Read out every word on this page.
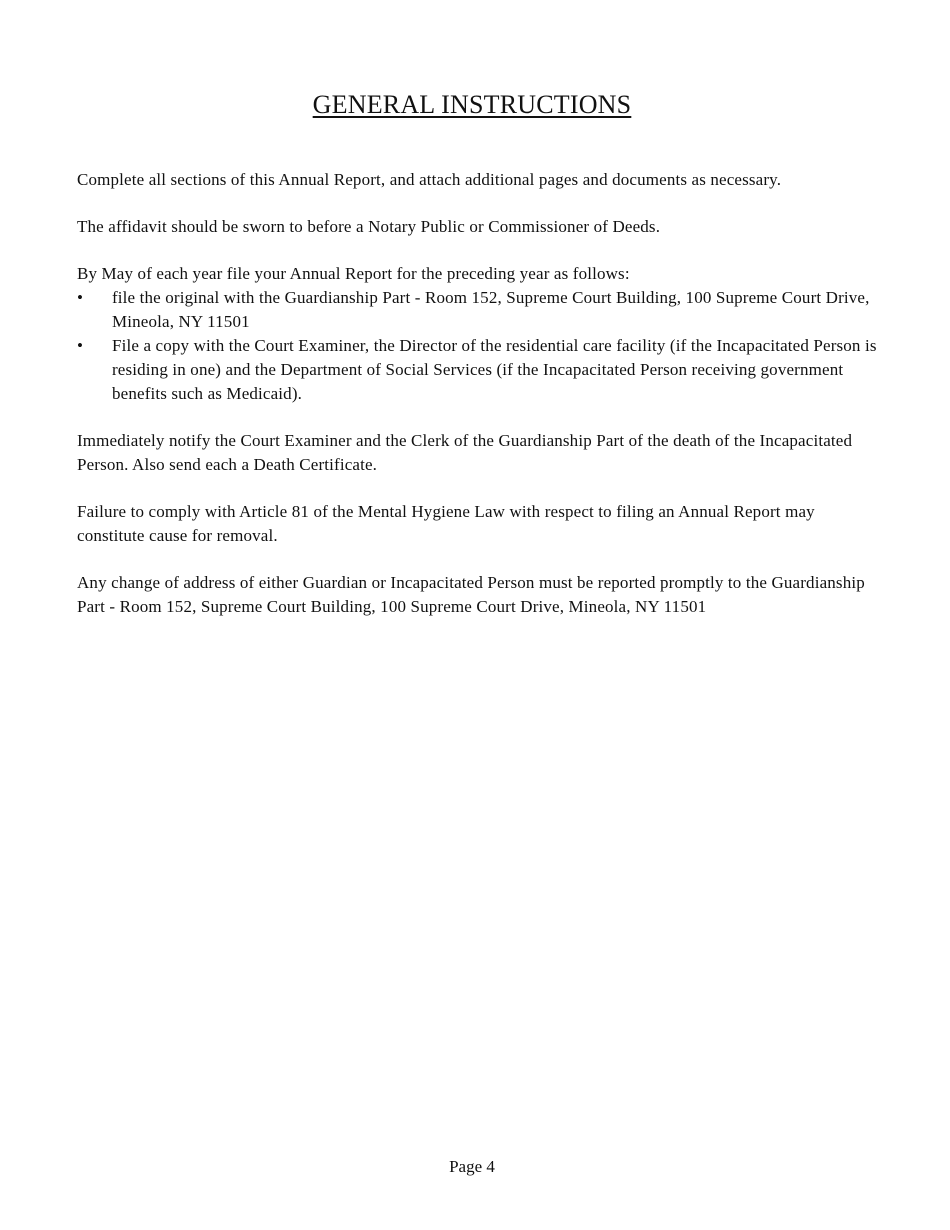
GENERAL INSTRUCTIONS

Complete all sections of this Annual Report, and attach additional pages and documents as necessary.

The affidavit should be sworn to before a Notary Public or Commissioner of Deeds.

By May of each year file your Annual Report for the preceding year as follows:

• file the original with the Guardianship Part - Room 152, Supreme Court Building, 100 Supreme Court Drive, Mineola, NY 11501
• File a copy with the Court Examiner, the Director of the residential care facility (if the Incapacitated Person is residing in one) and the Department of Social Services (if the Incapacitated Person receiving government benefits such as Medicaid).

Immediately notify the Court Examiner and the Clerk of the Guardianship Part of the death of the Incapacitated Person. Also send each a Death Certificate.

Failure to comply with Article 81 of the Mental Hygiene Law with respect to filing an Annual Report may constitute cause for removal.

Any change of address of either Guardian or Incapacitated Person must be reported promptly to the Guardianship Part - Room 152, Supreme Court Building, 100 Supreme Court Drive, Mineola, NY 11501

Page 4
